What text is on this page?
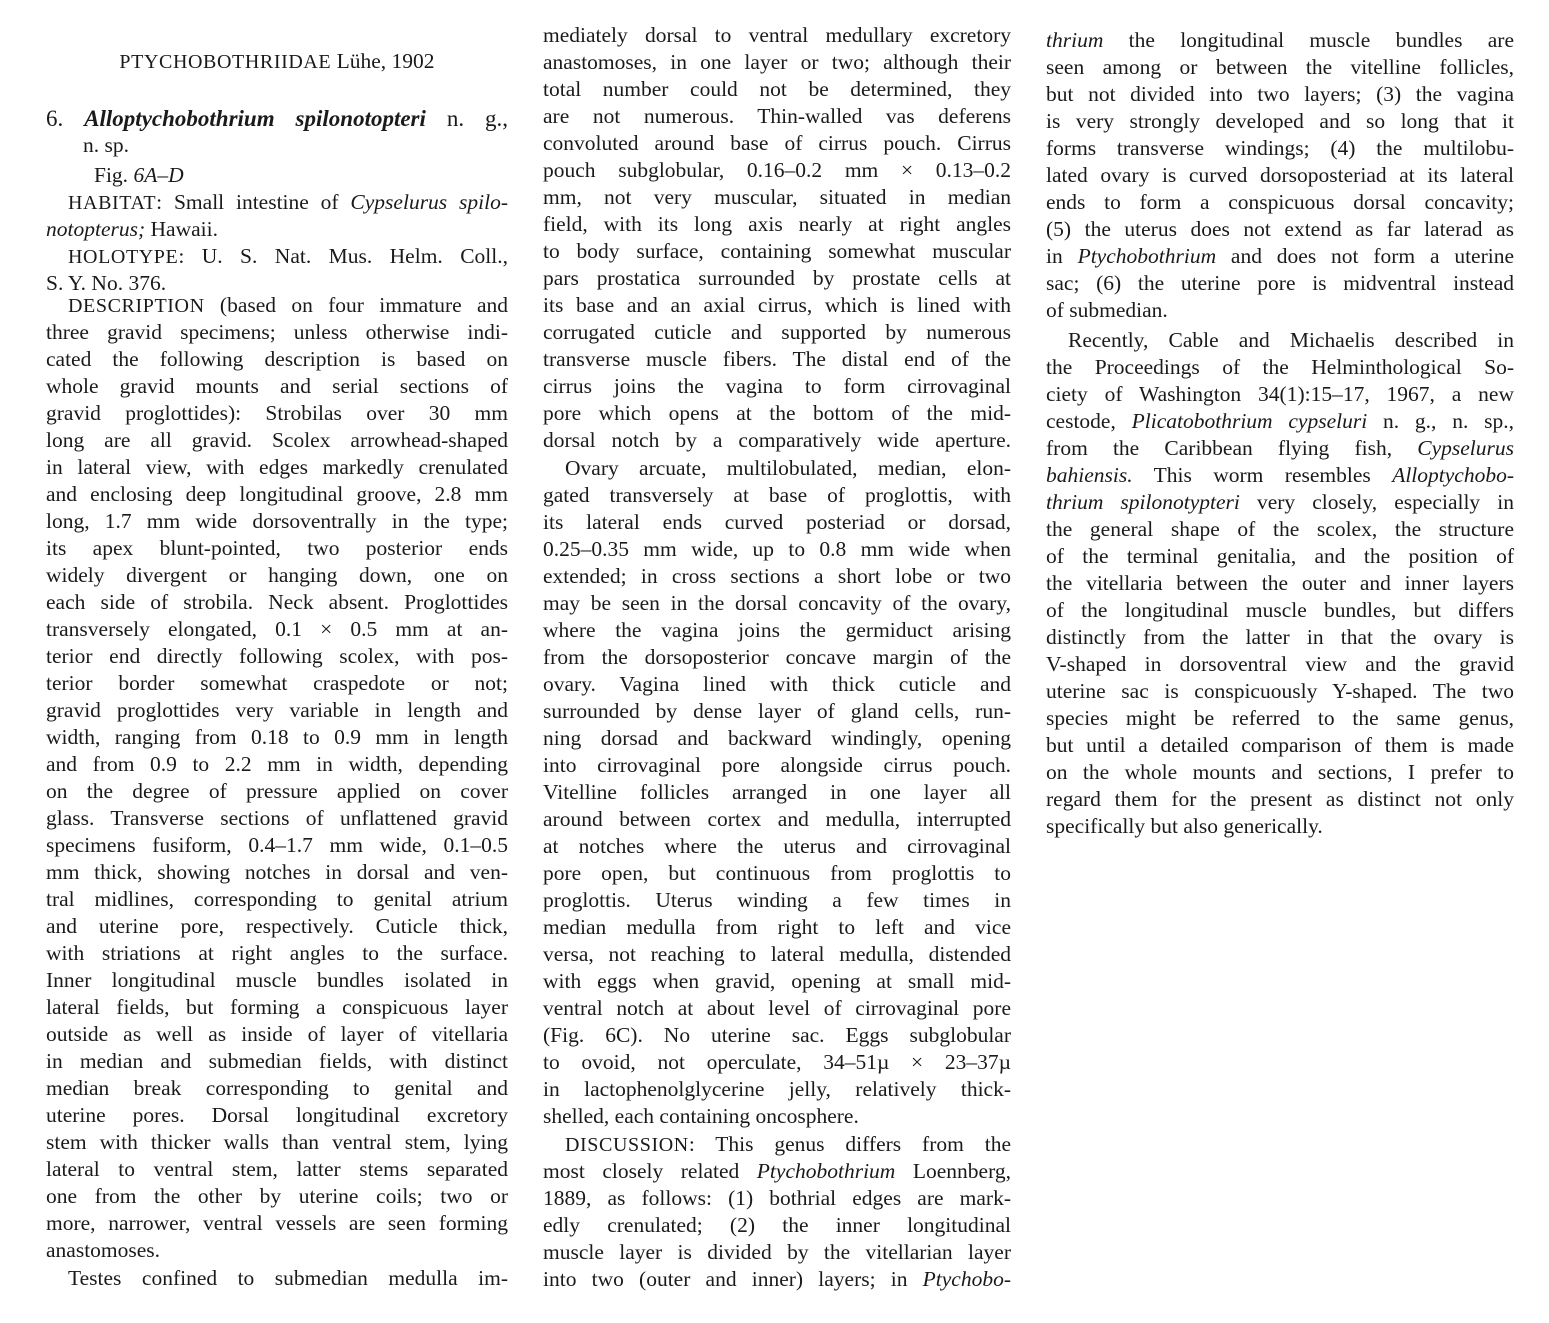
PTYCHOBOTHRIIDAE Lühe, 1902
6. Alloptychobothrium spilonotopteri n. g.,
n. sp.
Fig. 6A–D
HABITAT: Small intestine of Cypselurus spilo-
notopterus; Hawaii.
HOLOTYPE: U. S. Nat. Mus. Helm. Coll.,
S. Y. No. 376.
DESCRIPTION (based on four immature and
three gravid specimens; unless otherwise indi-
cated the following description is based on
whole gravid mounts and serial sections of
gravid proglottides): Strobilas over 30 mm
long are all gravid. Scolex arrowhead-shaped
in lateral view, with edges markedly crenulated
and enclosing deep longitudinal groove, 2.8 mm
long, 1.7 mm wide dorsoventrally in the type;
its apex blunt-pointed, two posterior ends
widely divergent or hanging down, one on
each side of strobila. Neck absent. Proglottides
transversely elongated, 0.1 × 0.5 mm at an-
terior end directly following scolex, with pos-
terior border somewhat craspedote or not;
gravid proglottides very variable in length and
width, ranging from 0.18 to 0.9 mm in length
and from 0.9 to 2.2 mm in width, depending
on the degree of pressure applied on cover
glass. Transverse sections of unflattened gravid
specimens fusiform, 0.4–1.7 mm wide, 0.1–0.5
mm thick, showing notches in dorsal and ven-
tral midlines, corresponding to genital atrium
and uterine pore, respectively. Cuticle thick,
with striations at right angles to the surface.
Inner longitudinal muscle bundles isolated in
lateral fields, but forming a conspicuous layer
outside as well as inside of layer of vitellaria
in median and submedian fields, with distinct
median break corresponding to genital and
uterine pores. Dorsal longitudinal excretory
stem with thicker walls than ventral stem, lying
lateral to ventral stem, latter stems separated
one from the other by uterine coils; two or
more, narrower, ventral vessels are seen forming
anastomoses.
Testes confined to submedian medulla im-
mediately dorsal to ventral medullary excretory
anastomoses, in one layer or two; although their
total number could not be determined, they
are not numerous. Thin-walled vas deferens
convoluted around base of cirrus pouch. Cirrus
pouch subglobular, 0.16–0.2 mm × 0.13–0.2
mm, not very muscular, situated in median
field, with its long axis nearly at right angles
to body surface, containing somewhat muscular
pars prostatica surrounded by prostate cells at
its base and an axial cirrus, which is lined with
corrugated cuticle and supported by numerous
transverse muscle fibers. The distal end of the
cirrus joins the vagina to form cirrovaginal
pore which opens at the bottom of the mid-
dorsal notch by a comparatively wide aperture.
Ovary arcuate, multilobulated, median, elon-
gated transversely at base of proglottis, with
its lateral ends curved posteriad or dorsad,
0.25–0.35 mm wide, up to 0.8 mm wide when
extended; in cross sections a short lobe or two
may be seen in the dorsal concavity of the ovary,
where the vagina joins the germiduct arising
from the dorsoposterior concave margin of the
ovary. Vagina lined with thick cuticle and
surrounded by dense layer of gland cells, run-
ning dorsad and backward windingly, opening
into cirrovaginal pore alongside cirrus pouch.
Vitelline follicles arranged in one layer all
around between cortex and medulla, interrupted
at notches where the uterus and cirrovaginal
pore open, but continuous from proglottis to
proglottis. Uterus winding a few times in
median medulla from right to left and vice
versa, not reaching to lateral medulla, distended
with eggs when gravid, opening at small mid-
ventral notch at about level of cirrovaginal pore
(Fig. 6C). No uterine sac. Eggs subglobular
to ovoid, not operculate, 34–51µ × 23–37µ
in lactophenolglycerine jelly, relatively thick-
shelled, each containing oncosphere.
DISCUSSION: This genus differs from the
most closely related Ptychobothrium Loennberg,
1889, as follows: (1) bothrial edges are mark-
edly crenulated; (2) the inner longitudinal
muscle layer is divided by the vitellarian layer
into two (outer and inner) layers; in Ptychobo-
thrium the longitudinal muscle bundles are
seen among or between the vitelline follicles,
but not divided into two layers; (3) the vagina
is very strongly developed and so long that it
forms transverse windings; (4) the multilobu-
lated ovary is curved dorsoposteriad at its lateral
ends to form a conspicuous dorsal concavity;
(5) the uterus does not extend as far laterad as
in Ptychobothrium and does not form a uterine
sac; (6) the uterine pore is midventral instead
of submedian.
Recently, Cable and Michaelis described in
the Proceedings of the Helminthological So-
ciety of Washington 34(1):15–17, 1967, a new
cestode, Plicatobothrium cypseluri n. g., n. sp.,
from the Caribbean flying fish, Cypselurus
bahiensis. This worm resembles Alloptychobo-
thrium spilonotypteri very closely, especially in
the general shape of the scolex, the structure
of the terminal genitalia, and the position of
the vitellaria between the outer and inner layers
of the longitudinal muscle bundles, but differs
distinctly from the latter in that the ovary is
V-shaped in dorsoventral view and the gravid
uterine sac is conspicuously Y-shaped. The two
species might be referred to the same genus,
but until a detailed comparison of them is made
on the whole mounts and sections, I prefer to
regard them for the present as distinct not only
specifically but also generically.
